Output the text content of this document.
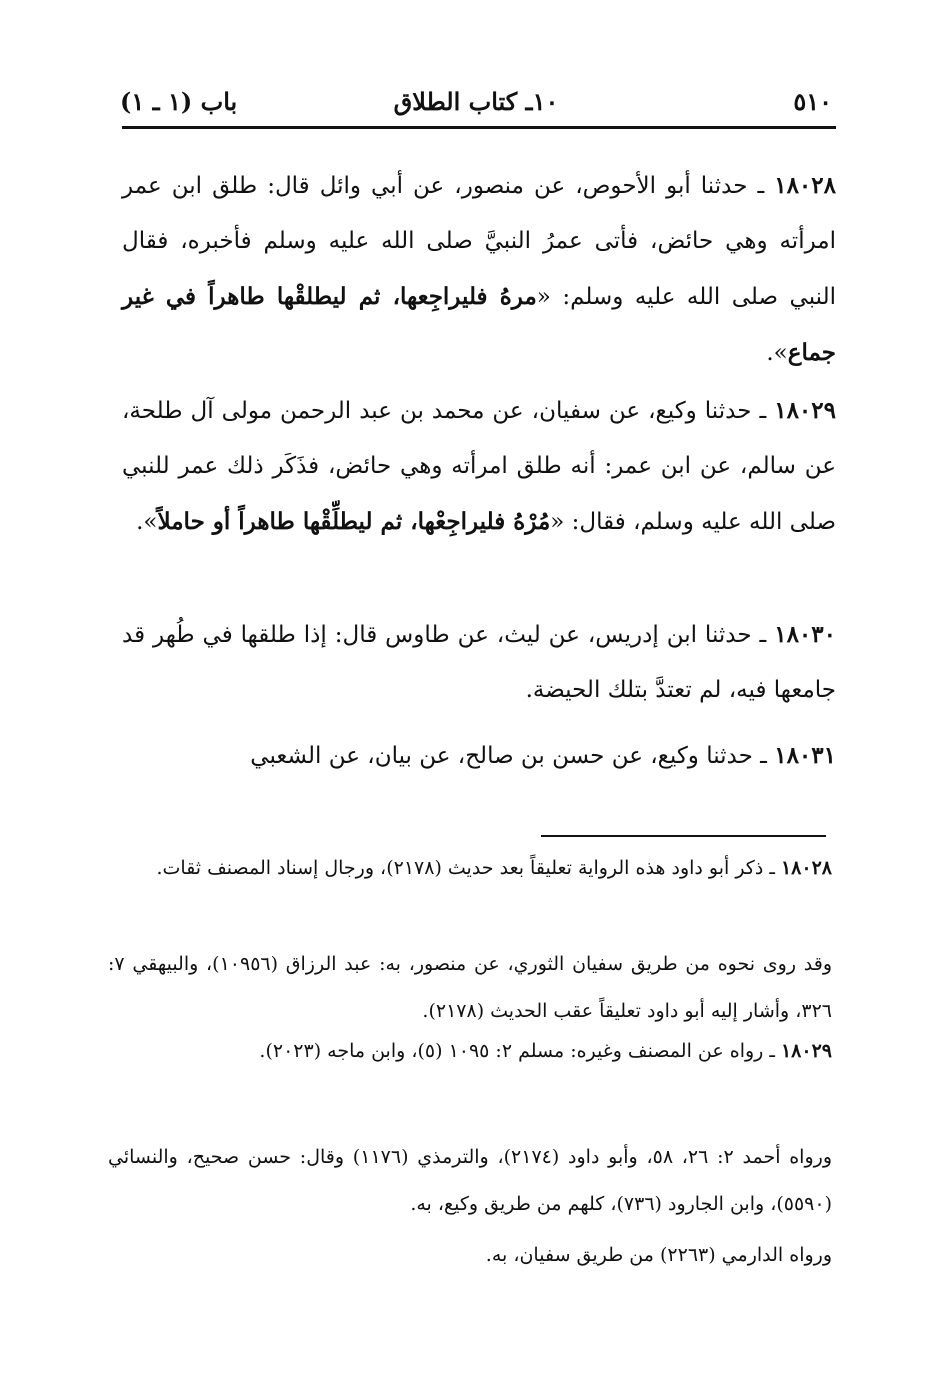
٥١٠
١٠ـ كتاب الطلاق
باب (١ ـ ١)

١٨٠٢٨ ـ حدثنا أبو الأحوص، عن منصور، عن أبي وائل قال: طلق ابن عمر امرأته وهي حائض، فأتى عمرُ النبيَّ صلى الله عليه وسلم فأخبره، فقال النبي صلى الله عليه وسلم: «مرهُ فليراجِعها، ثم ليطلقْها طاهراً في غير جماع».

١٨٠٢٩ ـ حدثنا وكيع، عن سفيان، عن محمد بن عبد الرحمن مولى آل طلحة، عن سالم، عن ابن عمر: أنه طلق امرأته وهي حائض، فذَكَر ذلك عمر للنبي صلى الله عليه وسلم، فقال: «مُرْهُ فليراجِعْها، ثم ليطلِّقْها طاهراً أو حاملاً».

١٨٠٣٠ ـ حدثنا ابن إدريس، عن ليث، عن طاوس قال: إذا طلقها في طُهر قد جامعها فيه، لم تعتدَّ بتلك الحيضة.

١٨٠٣١ ـ حدثنا وكيع، عن حسن بن صالح، عن بيان، عن الشعبي

١٨٠٢٨ ـ ذكر أبو داود هذه الرواية تعليقاً بعد حديث (٢١٧٨)، ورجال إسناد المصنف ثقات.

وقد روى نحوه من طريق سفيان الثوري، عن منصور، به: عبد الرزاق (١٠٩٥٦)، والبيهقي ٧: ٣٢٦، وأشار إليه أبو داود تعليقاً عقب الحديث (٢١٧٨).

١٨٠٢٩ ـ رواه عن المصنف وغيره: مسلم ٢: ١٠٩٥ (٥)، وابن ماجه (٢٠٢٣).

ورواه أحمد ٢: ٢٦، ٥٨، وأبو داود (٢١٧٤)، والترمذي (١١٧٦) وقال: حسن صحيح، والنسائي (٥٥٩٠)، وابن الجارود (٧٣٦)، كلهم من طريق وكيع، به.

ورواه الدارمي (٢٢٦٣) من طريق سفيان، به.
